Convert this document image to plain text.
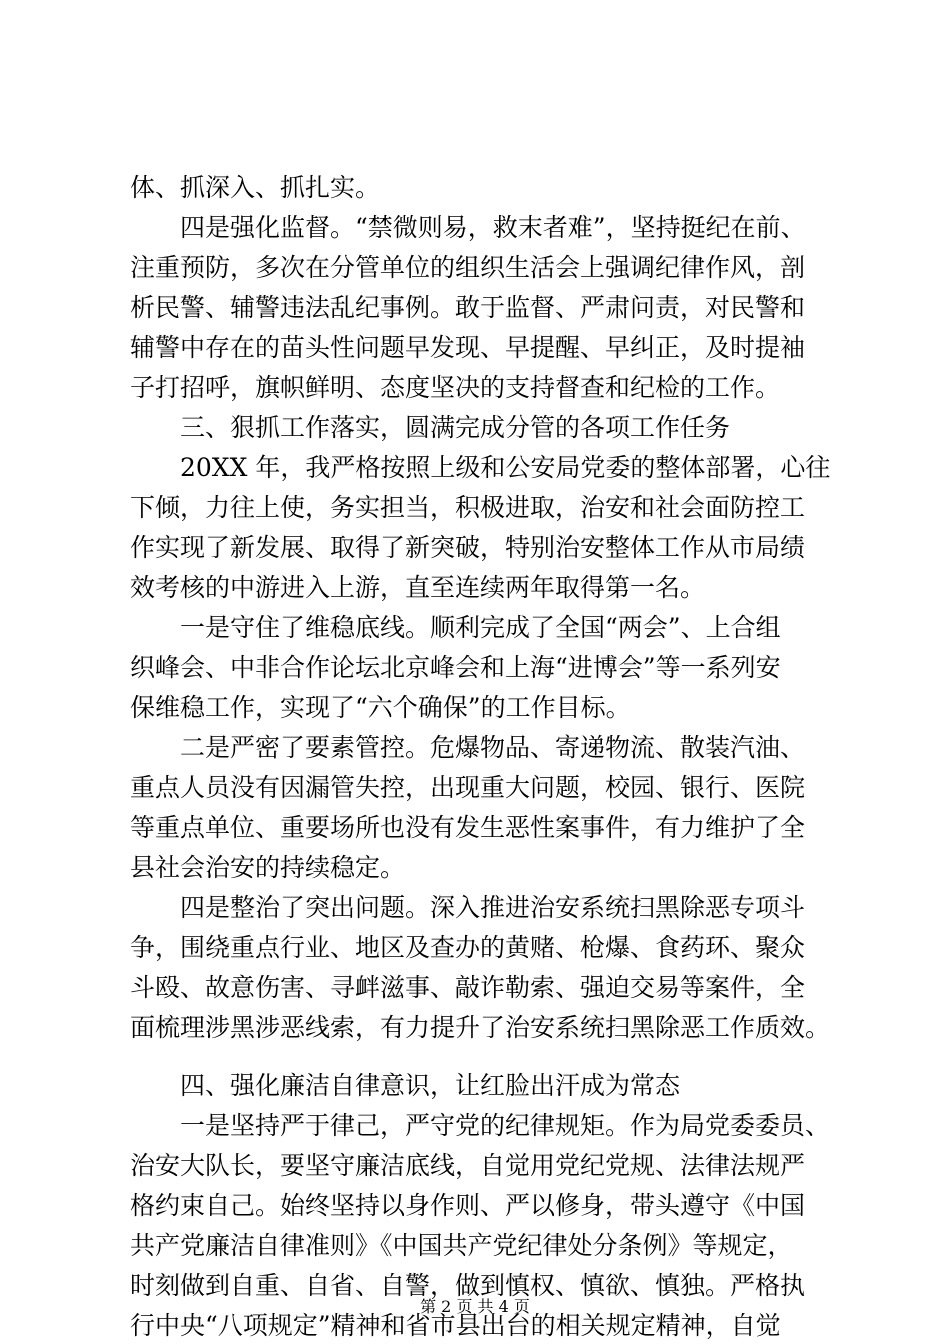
体、抓深入、抓扎实。
四是强化监督。“禁微则易，救末者难”，坚持挺纪在前、
注重预防，多次在分管单位的组织生活会上强调纪律作风，剖
析民警、辅警违法乱纪事例。敢于监督、严肃问责，对民警和
辅警中存在的苗头性问题早发现、早提醒、早纠正，及时提袖
子打招呼，旗帜鲜明、态度坚决的支持督查和纪检的工作。
三、狠抓工作落实，圆满完成分管的各项工作任务
20XX 年，我严格按照上级和公安局党委的整体部署，心往
下倾，力往上使，务实担当，积极进取，治安和社会面防控工
作实现了新发展、取得了新突破，特别治安整体工作从市局绩
效考核的中游进入上游，直至连续两年取得第一名。
一是守住了维稳底线。顺利完成了全国“两会”、上合组
织峰会、中非合作论坛北京峰会和上海“进博会”等一系列安
保维稳工作，实现了“六个确保”的工作目标。
二是严密了要素管控。危爆物品、寄递物流、散装汽油、
重点人员没有因漏管失控，出现重大问题，校园、银行、医院
等重点单位、重要场所也没有发生恶性案事件，有力维护了全
县社会治安的持续稳定。
四是整治了突出问题。深入推进治安系统扫黑除恶专项斗
争，围绕重点行业、地区及查办的黄赌、枪爆、食药环、聚众
斗殴、故意伤害、寻衅滋事、敲诈勒索、强迫交易等案件，全
面梳理涉黑涉恶线索，有力提升了治安系统扫黑除恶工作质效。
四、强化廉洁自律意识，让红脸出汗成为常态
一是坚持严于律己，严守党的纪律规矩。作为局党委委员、
治安大队长，要坚守廉洁底线，自觉用党纪党规、法律法规严
格约束自己。始终坚持以身作则、严以修身，带头遵守《中国
共产党廉洁自律准则》《中国共产党纪律处分条例》等规定，
时刻做到自重、自省、自警，做到慎权、慎欲、慎独。严格执
行中央“八项规定”精神和省市县出台的相关规定精神，自觉
第 2 页 共 4 页
